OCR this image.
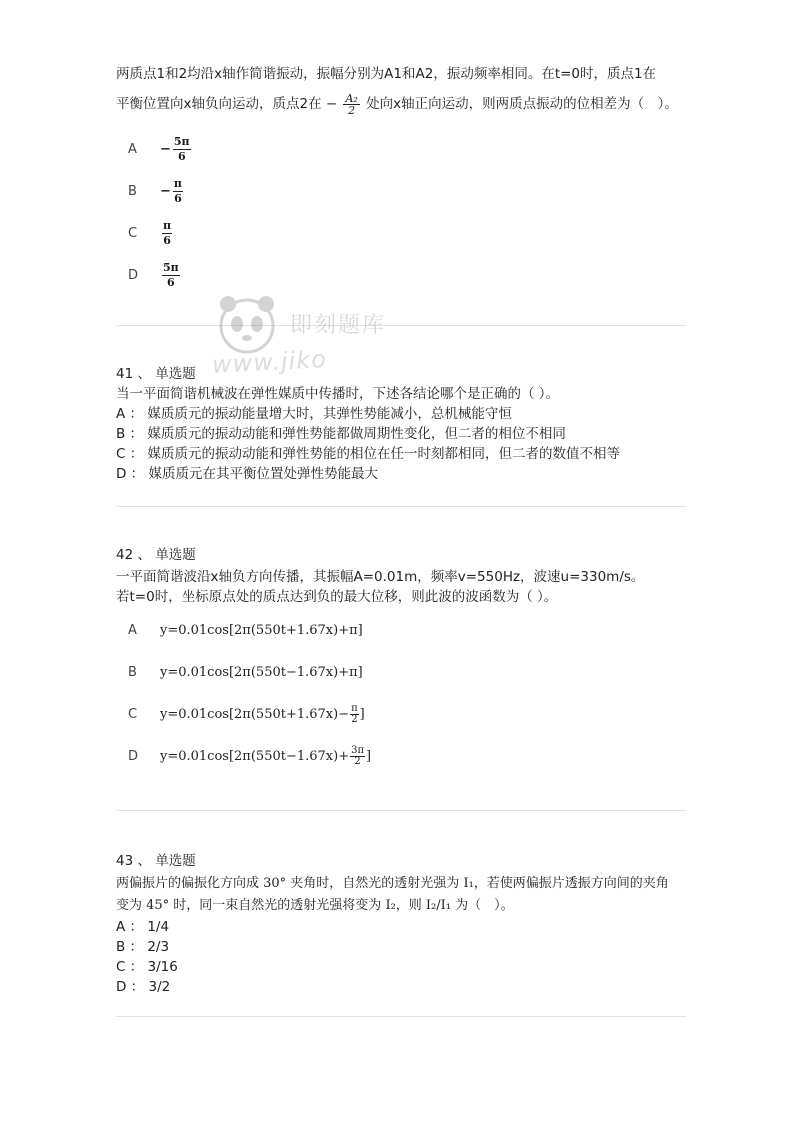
两质点1和2均沿x轴作简谐振动，振幅分别为A1和A2，振动频率相同。在t=0时，质点1在
平衡位置向x轴负向运动，质点2在 − $\frac{\text{A₂}}{2}$ 处向x轴正向运动，则两质点振动的位相差为（　）。
A	− $\frac{5\pi}{6}$
B	− $\frac{\pi}{6}$
C	$\frac{\pi}{6}$
D	$\frac{5\pi}{6}$
即刻题库
www.jiko
41 、 单选题
当一平面简谐机械波在弹性媒质中传播时，下述各结论哪个是正确的（ ）。
A ： 媒质质元的振动能量增大时，其弹性势能减小，总机械能守恒
B ： 媒质质元的振动动能和弹性势能都做周期性变化，但二者的相位不相同
C ： 媒质质元的振动动能和弹性势能的相位在任一时刻都相同，但二者的数值不相等
D ： 媒质质元在其平衡位置处弹性势能最大
42 、 单选题
一平面简谐波沿x轴负方向传播，其振幅A=0.01m，频率v=550Hz，波速u=330m/s。
若t=0时，坐标原点处的质点达到负的最大位移，则此波的波函数为（ ）。
A	y=0.01cos[2π(550t+1.67x)+π]
B	y=0.01cos[2π(550t−1.67x)+π]
C	$y=0.01\cos[2\pi(550t+1.67x)- \frac{\pi}{2}$ ]
D	$y=0.01\cos[2\pi(550t-1.67x)+ \frac{3\pi}{2}$ ]
43 、 单选题
两偏振片的偏振化方向成 30° 夹角时，自然光的透射光强为 I₁，若使两偏振片透振方向间的夹角
变为 45° 时，同一束自然光的透射光强将变为 I₂，则 I₂/I₁ 为（　）。
A ： 1/4
B ： 2/3
C ： 3/16
D ： 3/2
